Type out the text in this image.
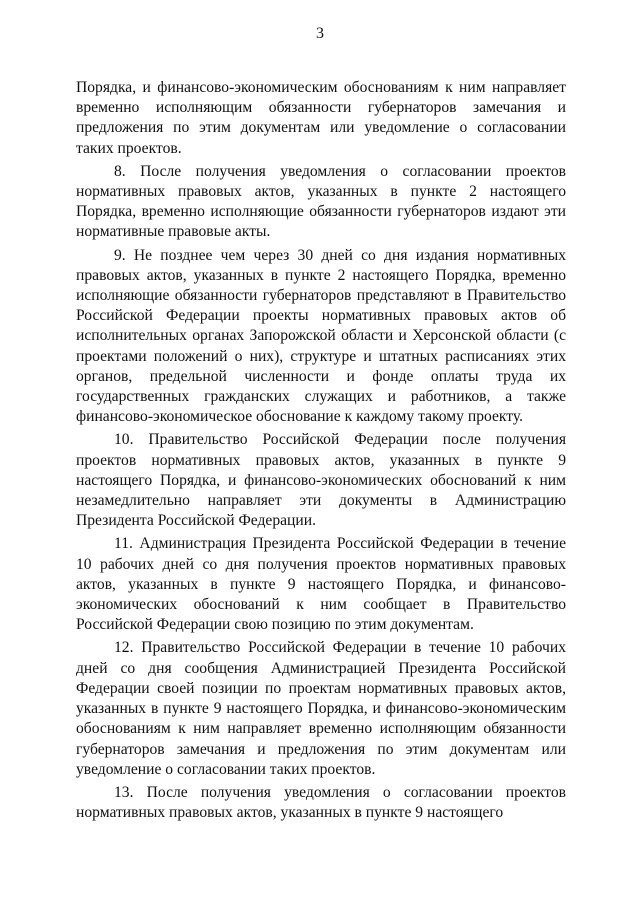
3

Порядка, и финансово-экономическим обоснованиям к ним направляет временно исполняющим обязанности губернаторов замечания и предложения по этим документам или уведомление о согласовании таких проектов.

8. После получения уведомления о согласовании проектов нормативных правовых актов, указанных в пункте 2 настоящего Порядка, временно исполняющие обязанности губернаторов издают эти нормативные правовые акты.

9. Не позднее чем через 30 дней со дня издания нормативных правовых актов, указанных в пункте 2 настоящего Порядка, временно исполняющие обязанности губернаторов представляют в Правительство Российской Федерации проекты нормативных правовых актов об исполнительных органах Запорожской области и Херсонской области (с проектами положений о них), структуре и штатных расписаниях этих органов, предельной численности и фонде оплаты труда их государственных гражданских служащих и работников, а также финансово-экономическое обоснование к каждому такому проекту.

10. Правительство Российской Федерации после получения проектов нормативных правовых актов, указанных в пункте 9 настоящего Порядка, и финансово-экономических обоснований к ним незамедлительно направляет эти документы в Администрацию Президента Российской Федерации.

11. Администрация Президента Российской Федерации в течение 10 рабочих дней со дня получения проектов нормативных правовых актов, указанных в пункте 9 настоящего Порядка, и финансово-экономических обоснований к ним сообщает в Правительство Российской Федерации свою позицию по этим документам.

12. Правительство Российской Федерации в течение 10 рабочих дней со дня сообщения Администрацией Президента Российской Федерации своей позиции по проектам нормативных правовых актов, указанных в пункте 9 настоящего Порядка, и финансово-экономическим обоснованиям к ним направляет временно исполняющим обязанности губернаторов замечания и предложения по этим документам или уведомление о согласовании таких проектов.

13. После получения уведомления о согласовании проектов нормативных правовых актов, указанных в пункте 9 настоящего
